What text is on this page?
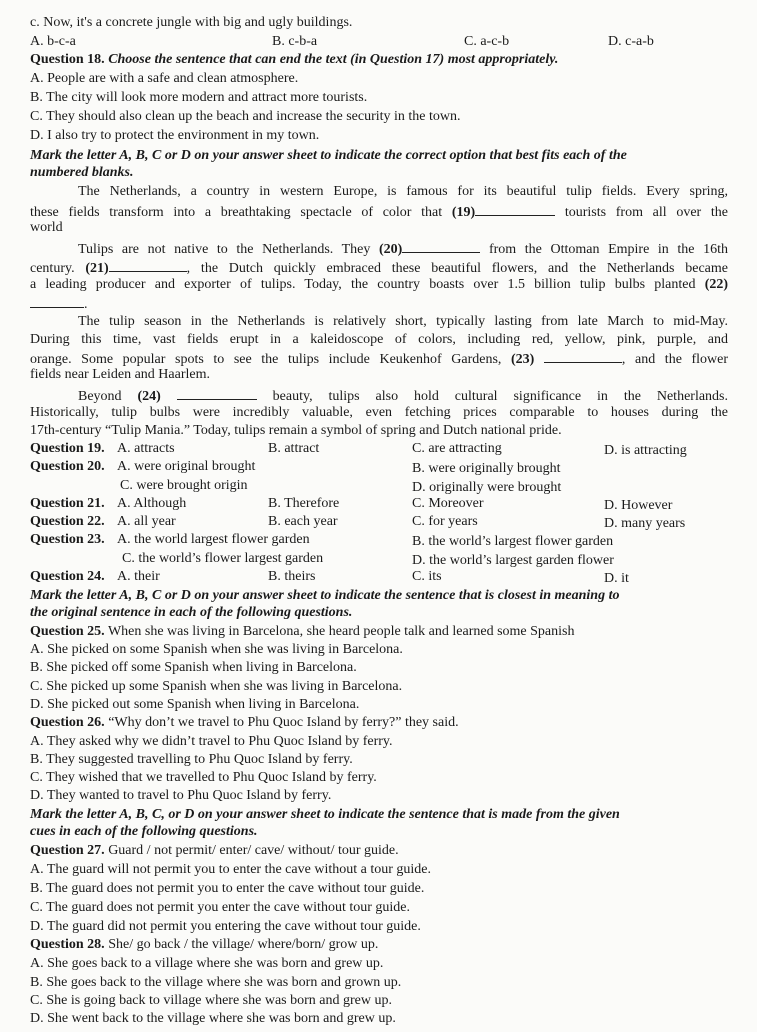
c. Now, it's a concrete jungle with big and ugly buildings.
A. b-c-a	B. c-b-a	C. a-c-b	D. c-a-b
Question 18. Choose the sentence that can end the text (in Question 17) most appropriately.
A. People are with a safe and clean atmosphere.
B. The city will look more modern and attract more tourists.
C. They should also clean up the beach and increase the security in the town.
D. I also try to protect the environment in my town.
Mark the letter A, B, C or D on your answer sheet to indicate the correct option that best fits each of the
numbered blanks.
The Netherlands, a country in western Europe, is famous for its beautiful tulip fields. Every spring,
these fields transform into a breathtaking spectacle of color that (19)	tourists from all over the
world
Tulips are not native to the Netherlands. They (20)	from the Ottoman Empire in the 16th
century. (21)	, the Dutch quickly embraced these beautiful flowers, and the Netherlands became
a leading producer and exporter of tulips. Today, the country boasts over 1.5 billion tulip bulbs planted (22)
.
The tulip season in the Netherlands is relatively short, typically lasting from late March to mid-May.
During this time, vast fields erupt in a kaleidoscope of colors, including red, yellow, pink, purple, and
orange. Some popular spots to see the tulips include Keukenhof Gardens, (23)	, and the flower
fields near Leiden and Haarlem.
Beyond (24)	beauty, tulips also hold cultural significance in the Netherlands.
Historically, tulip bulbs were incredibly valuable, even fetching prices comparable to houses during the
17th-century “Tulip Mania.” Today, tulips remain a symbol of spring and Dutch national pride.
Question 19. A. attracts	B. attract	C. are attracting	D. is attracting
Question 20. A. were original brought	B. were originally brought
C. were brought origin	D. originally were brought
Question 21. A. Although	B. Therefore	C. Moreover	D. However
Question 22. A. all year	B. each year	C. for years	D. many years
Question 23. A. the world largest flower garden	B. the world’s largest flower garden
C. the world’s flower largest garden	D. the world’s largest garden flower
Question 24. A. their	B. theirs	C. its	D. it
Mark the letter A, B, C or D on your answer sheet to indicate the sentence that is closest in meaning to
the original sentence in each of the following questions.
Question 25. When she was living in Barcelona, she heard people talk and learned some Spanish
A. She picked on some Spanish when she was living in Barcelona.
B. She picked off some Spanish when living in Barcelona.
C. She picked up some Spanish when she was living in Barcelona.
D. She picked out some Spanish when living in Barcelona.
Question 26. “Why don’t we travel to Phu Quoc Island by ferry?” they said.
A. They asked why we didn’t travel to Phu Quoc Island by ferry.
B. They suggested travelling to Phu Quoc Island by ferry.
C. They wished that we travelled to Phu Quoc Island by ferry.
D. They wanted to travel to Phu Quoc Island by ferry.
Mark the letter A, B, C, or D on your answer sheet to indicate the sentence that is made from the given
cues in each of the following questions.
Question 27. Guard / not permit/ enter/ cave/ without/ tour guide.
A. The guard will not permit you to enter the cave without a tour guide.
B. The guard does not permit you to enter the cave without tour guide.
C. The guard does not permit you enter the cave without tour guide.
D. The guard did not permit you entering the cave without tour guide.
Question 28. She/ go back / the village/ where/born/ grow up.
A. She goes back to a village where she was born and grew up.
B. She goes back to the village where she was born and grown up.
C. She is going back to village where she was born and grew up.
D. She went back to the village where she was born and grew up.
